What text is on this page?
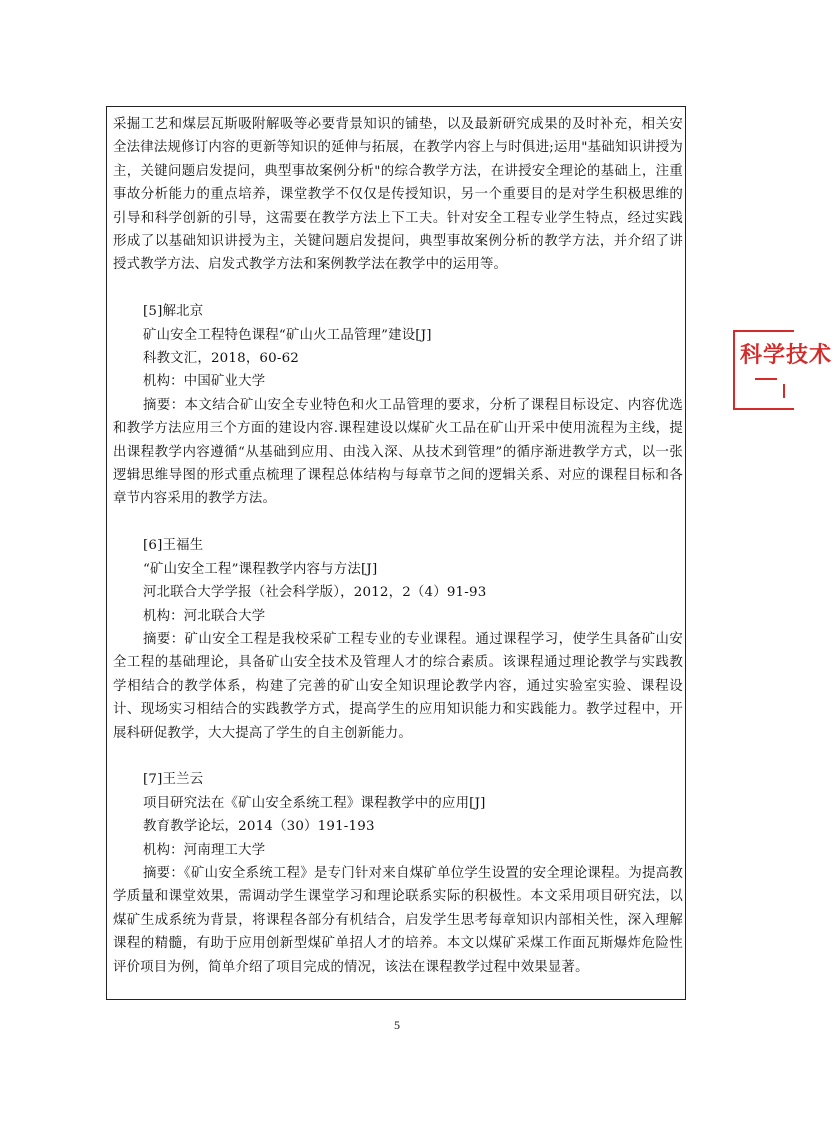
采掘工艺和煤层瓦斯吸附解吸等必要背景知识的铺垫，以及最新研究成果的及时补充，相关安全法律法规修订内容的更新等知识的延伸与拓展，在教学内容上与时俱进;运用"基础知识讲授为主，关键问题启发提问，典型事故案例分析"的综合教学方法，在讲授安全理论的基础上，注重事故分析能力的重点培养，课堂教学不仅仅是传授知识，另一个重要目的是对学生积极思维的引导和科学创新的引导，这需要在教学方法上下工夫。针对安全工程专业学生特点，经过实践形成了以基础知识讲授为主，关键问题启发提问，典型事故案例分析的教学方法，并介绍了讲授式教学方法、启发式教学方法和案例教学法在教学中的运用等。

[5]解北京

矿山安全工程特色课程“矿山火工品管理”建设[J]

科教文汇，2018，60-62

机构：中国矿业大学

摘要：本文结合矿山安全专业特色和火工品管理的要求，分析了课程目标设定、内容优选和教学方法应用三个方面的建设内容.课程建设以煤矿火工品在矿山开采中使用流程为主线，提出课程教学内容遵循“从基础到应用、由浅入深、从技术到管理”的循序渐进教学方式，以一张逻辑思维导图的形式重点梳理了课程总体结构与每章节之间的逻辑关系、对应的课程目标和各章节内容采用的教学方法。

[6]王福生

“矿山安全工程”课程教学内容与方法[J]

河北联合大学学报（社会科学版），2012，2（4）91-93

机构：河北联合大学

摘要：矿山安全工程是我校采矿工程专业的专业课程。通过课程学习，使学生具备矿山安全工程的基础理论，具备矿山安全技术及管理人才的综合素质。该课程通过理论教学与实践教学相结合的教学体系，构建了完善的矿山安全知识理论教学内容，通过实验室实验、课程设计、现场实习相结合的实践教学方式，提高学生的应用知识能力和实践能力。教学过程中，开展科研促教学，大大提高了学生的自主创新能力。

[7]王兰云

项目研究法在《矿山安全系统工程》课程教学中的应用[J]

教育教学论坛，2014（30）191-193

机构：河南理工大学

摘要：《矿山安全系统工程》是专门针对来自煤矿单位学生设置的安全理论课程。为提高教学质量和课堂效果，需调动学生课堂学习和理论联系实际的积极性。本文采用项目研究法，以煤矿生成系统为背景，将课程各部分有机结合，启发学生思考每章知识内部相关性，深入理解课程的精髓，有助于应用创新型煤矿单招人才的培养。本文以煤矿采煤工作面瓦斯爆炸危险性评价项目为例，简单介绍了项目完成的情况，该法在课程教学过程中效果显著。

5
科学技术
